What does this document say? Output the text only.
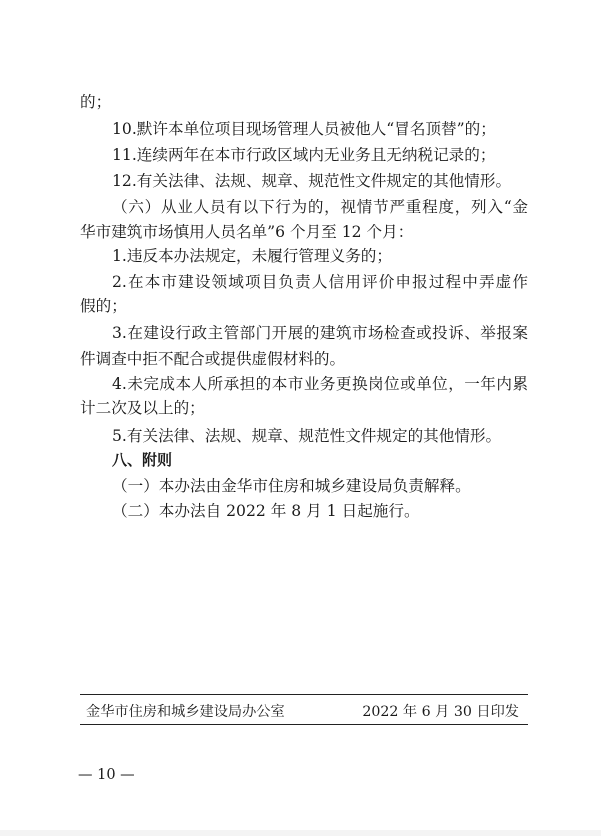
的；
10.默许本单位项目现场管理人员被他人“冒名顶替”的；
11.连续两年在本市行政区域内无业务且无纳税记录的；
12.有关法律、法规、规章、规范性文件规定的其他情形。
（六）从业人员有以下行为的，视情节严重程度，列入“金
华市建筑市场慎用人员名单”6 个月至 12 个月：
1.违反本办法规定，未履行管理义务的；
2.在本市建设领域项目负责人信用评价申报过程中弄虚作
假的；
3.在建设行政主管部门开展的建筑市场检查或投诉、举报案
件调查中拒不配合或提供虚假材料的。
4.未完成本人所承担的本市业务更换岗位或单位，一年内累
计二次及以上的；
5.有关法律、法规、规章、规范性文件规定的其他情形。
八、附则
（一）本办法由金华市住房和城乡建设局负责解释。
（二）本办法自 2022 年 8 月 1 日起施行。
金华市住房和城乡建设局办公室	2022 年 6 月 30 日印发
— 10 —
